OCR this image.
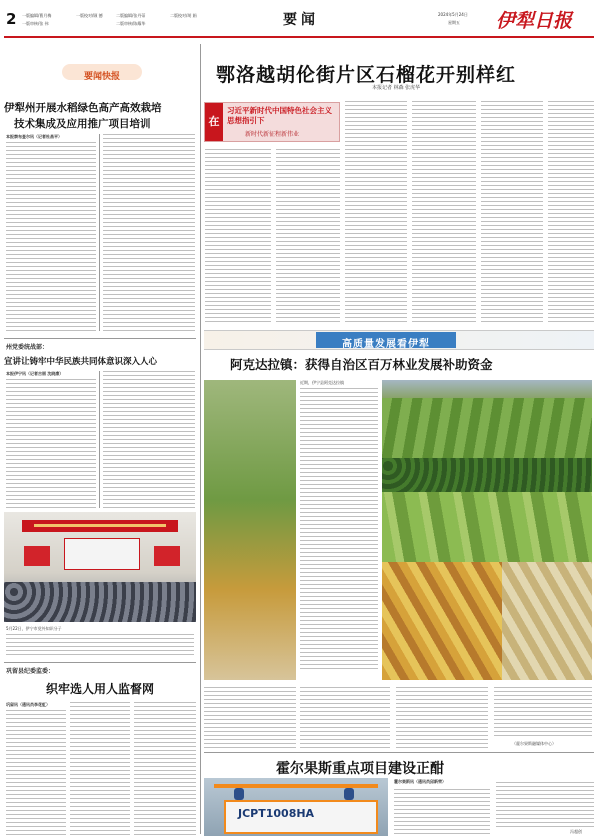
2 一版编辑/曹月梅	一版校对/顾 德	二版编辑/张丹蒂	二版校对/胡 娟
一版审核/张 伟	二版审核/陈耀华	要闻	2024年5月24日
星期五 伊犁日报
要闻快报
伊犁州开展水稻绿色高产高效栽培
技术集成及应用推广项目培训
本报察布查尔讯（记者杜昌平）
州党委统战部：
宣讲让铸牢中华民族共同体意识深入人心
本报伊宁讯（记者古丽 沈晓康）
5月22日，伊宁市党外知识分子
巩留县纪委监委：
织牢选人用人监督网
巩留讯（通讯员李花虹）
鄂洛越胡伦街片区石榴花开别样红
本报记者 林森 张虎华
在
习近平新时代中国特色社会主义思想指引下
新时代新征程新伟业
高质量发展看伊犁
阿克达拉镇：获得自治区百万林业发展补助资金
近期，伊宁县阿克达拉镇
（霍尔果斯融媒体中心）
霍尔果斯重点项目建设正酣
JCPT1008HA
霍尔果斯讯（通讯员邱新荣）
冯超创
